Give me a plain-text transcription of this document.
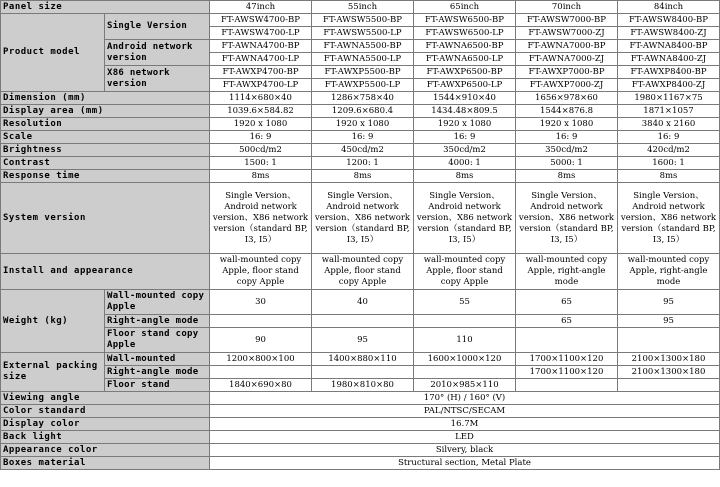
Panel size		47inch	55inch	65inch	70inch	84inch
Product model	Single Version	FT-AWSW4700-BP	FT-AWSW5500-BP	FT-AWSW6500-BP	FT-AWSW7000-BP	FT-AWSW8400-BP
		FT-AWSW4700-LP	FT-AWSW5500-LP	FT-AWSW6500-LP	FT-AWSW7000-ZJ	FT-AWSW8400-ZJ
	Android network version	FT-AWNA4700-BP	FT-AWNA5500-BP	FT-AWNA6500-BP	FT-AWNA7000-BP	FT-AWNA8400-BP
		FT-AWNA4700-LP	FT-AWNA5500-LP	FT-AWNA6500-LP	FT-AWNA7000-ZJ	FT-AWNA8400-ZJ
	X86 network version	FT-AWXP4700-BP	FT-AWXP5500-BP	FT-AWXP6500-BP	FT-AWXP7000-BP	FT-AWXP8400-BP
		FT-AWXP4700-LP	FT-AWXP5500-LP	FT-AWXP6500-LP	FT-AWXP7000-ZJ	FT-AWXP8400-ZJ
Dimension (mm)		1114×680×40	1286×758×40	1544×910×40	1656×978×60	1980×1167×75
Display area (mm)		1039.6×584.82	1209.6×680.4	1434.48×809.5	1544×876.8	1871×1057
Resolution		1920 x 1080	1920 x 1080	1920 x 1080	1920 x 1080	3840 x 2160
Scale		16: 9	16: 9	16: 9	16: 9	16: 9
Brightness		500cd/m2	450cd/m2	350cd/m2	350cd/m2	420cd/m2
Contrast		1500: 1	1200: 1	4000: 1	5000: 1	1600: 1
Response time		8ms	8ms	8ms	8ms	8ms
System version		Single Version、Android network version、X86 network version（standard BP, I3, I5）	Single Version、Android network version、X86 network version（standard BP, I3, I5）	Single Version、Android network version、X86 network version（standard BP, I3, I5）	Single Version、Android network version、X86 network version（standard BP, I3, I5）	Single Version、Android network version、X86 network version（standard BP, I3, I5）
Install and appearance		wall-mounted copy Apple, floor stand copy Apple	wall-mounted copy Apple, floor stand copy Apple	wall-mounted copy Apple, floor stand copy Apple	wall-mounted copy Apple, right-angle mode	wall-mounted copy Apple, right-angle mode
Weight (kg)	Wall-mounted copy Apple	30	40	55	65	95
	Right-angle mode				65	95
	Floor stand copy Apple	90	95	110		
External packing size	Wall-mounted	1200×800×100	1400×880×110	1600×1000×120	1700×1100×120	2100×1300×180
	Right-angle mode				1700×1100×120	2100×1300×180
	Floor stand	1840×690×80	1980×810×80	2010×985×110		
Viewing angle		170° (H) / 160° (V)				
Color standard		PAL/NTSC/SECAM				
Display color		16.7M				
Back light		LED				
Appearance color		Silvery, black				
Boxes material		Structural section, Metal Plate				
